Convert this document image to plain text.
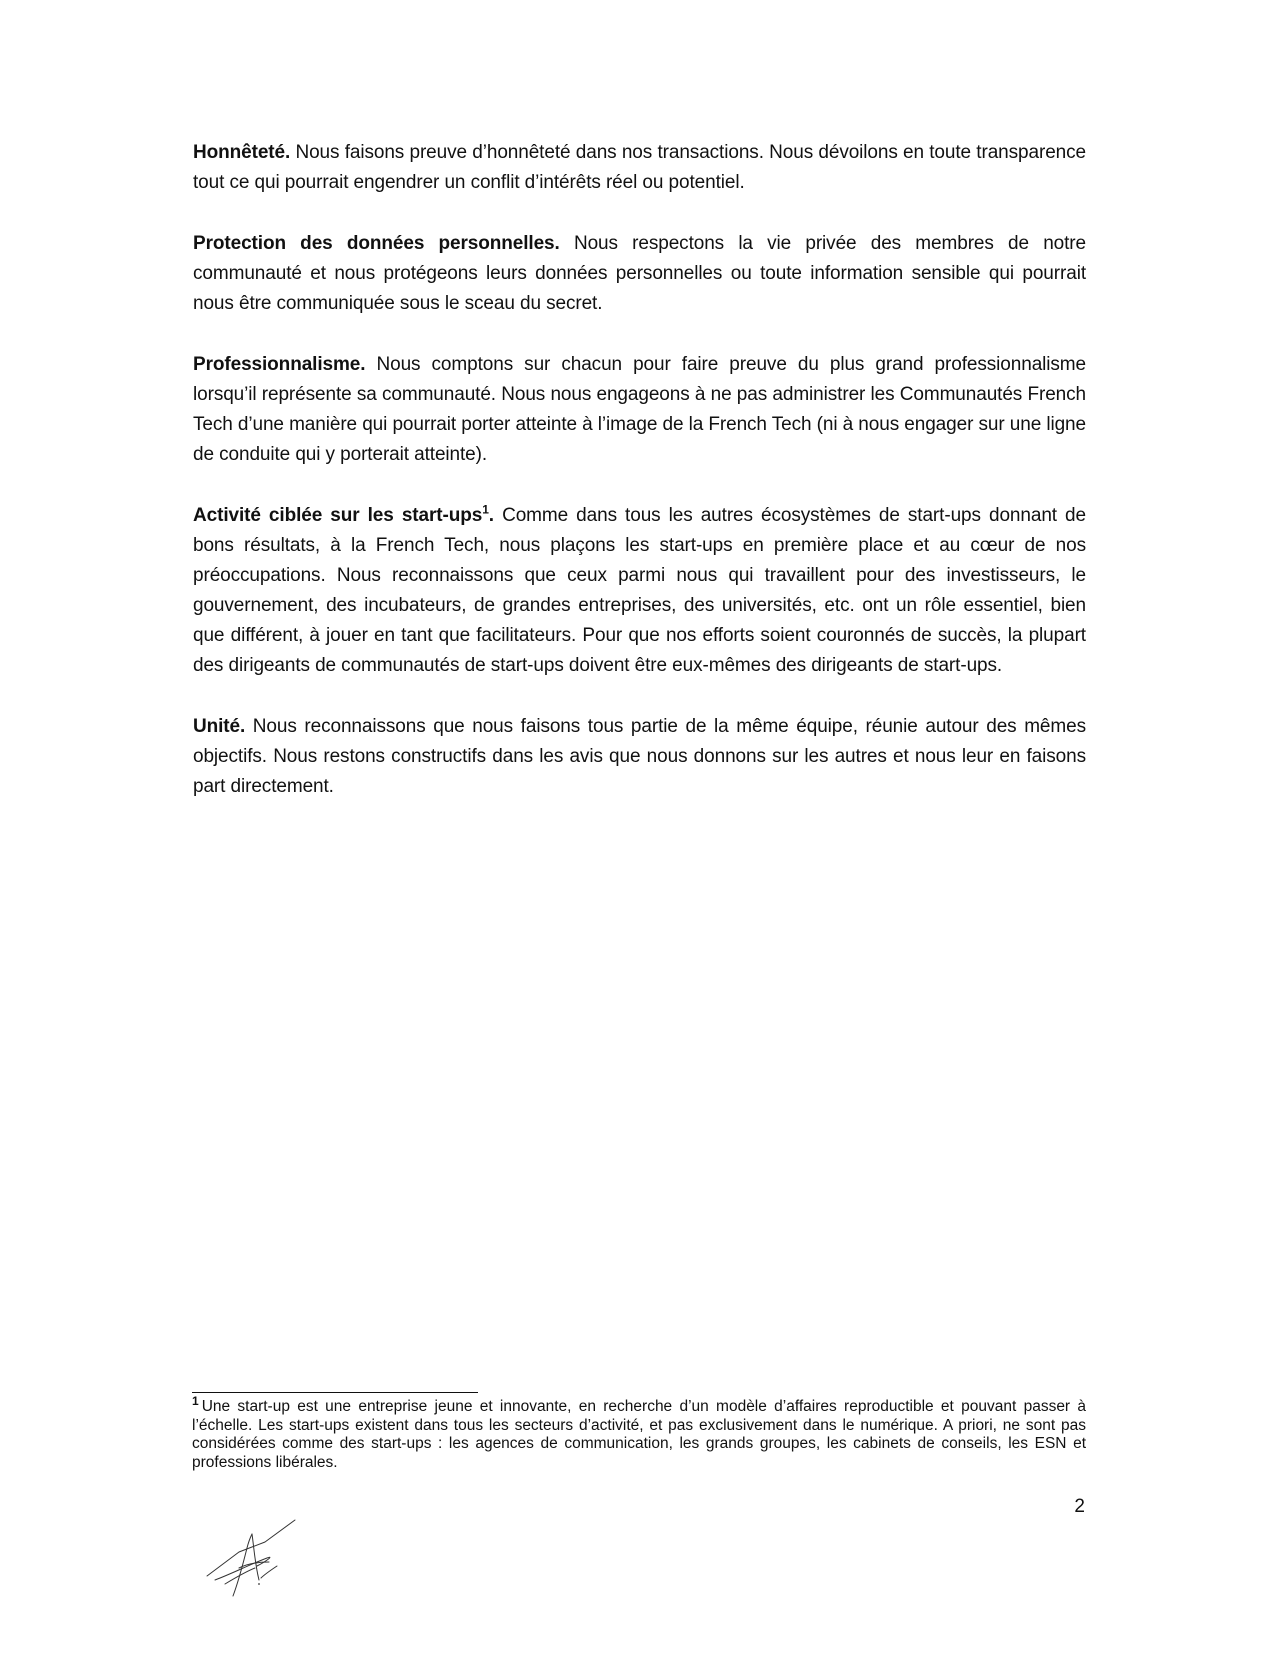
Honnêteté. Nous faisons preuve d’honnêteté dans nos transactions. Nous dévoilons en toute transparence tout ce qui pourrait engendrer un conflit d’intérêts réel ou potentiel.

Protection des données personnelles. Nous respectons la vie privée des membres de notre communauté et nous protégeons leurs données personnelles ou toute information sensible qui pourrait nous être communiquée sous le sceau du secret.

Professionnalisme. Nous comptons sur chacun pour faire preuve du plus grand professionnalisme lorsqu’il représente sa communauté. Nous nous engageons à ne pas administrer les Communautés French Tech d’une manière qui pourrait porter atteinte à l’image de la French Tech (ni à nous engager sur une ligne de conduite qui y porterait atteinte).

Activité ciblée sur les start-ups$^1$. Comme dans tous les autres écosystèmes de start-ups donnant de bons résultats, à la French Tech, nous plaçons les start-ups en première place et au cœur de nos préoccupations. Nous reconnaissons que ceux parmi nous qui travaillent pour des investisseurs, le gouvernement, des incubateurs, de grandes entreprises, des universités, etc. ont un rôle essentiel, bien que différent, à jouer en tant que facilitateurs. Pour que nos efforts soient couronnés de succès, la plupart des dirigeants de communautés de start-ups doivent être eux-mêmes des dirigeants de start-ups.

Unité. Nous reconnaissons que nous faisons tous partie de la même équipe, réunie autour des mêmes objectifs. Nous restons constructifs dans les avis que nous donnons sur les autres et nous leur en faisons part directement.

$^1$ Une start-up est une entreprise jeune et innovante, en recherche d’un modèle d’affaires reproductible et pouvant passer à l’échelle. Les start-ups existent dans tous les secteurs d’activité, et pas exclusivement dans le numérique. A priori, ne sont pas considérées comme des start-ups : les agences de communication, les grands groupes, les cabinets de conseils, les ESN et professions libérales.
2
